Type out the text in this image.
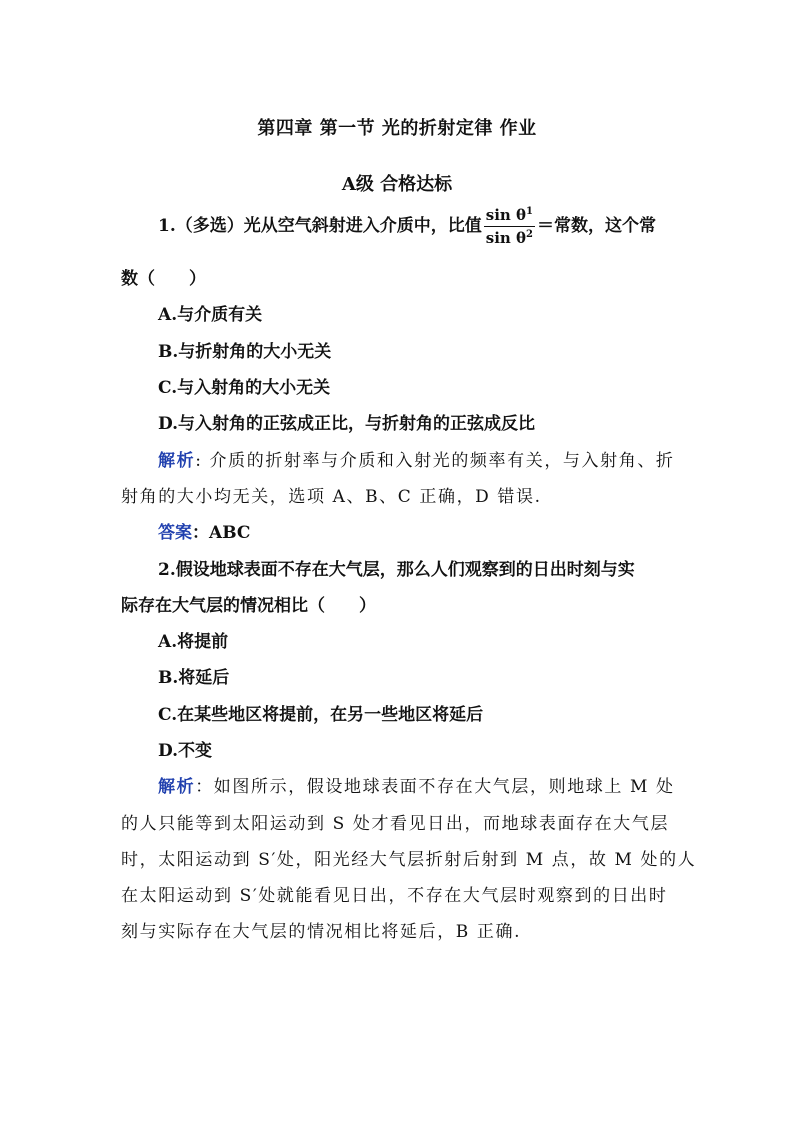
第四章 第一节 光的折射定律 作业
A级 合格达标
1.（多选）光从空气斜射进入介质中，比值 $\frac{\sin \theta^1}{\sin \theta^2}$ ＝常数，这个常
数（　　）
A.与介质有关
B.与折射角的大小无关
C.与入射角的大小无关
D.与入射角的正弦成正比，与折射角的正弦成反比
解析: 介质的折射率与介质和入射光的频率有关，与入射角、折
射角的大小均无关，选项 A、B、C 正确，D 错误.
答案：ABC
2.假设地球表面不存在大气层，那么人们观察到的日出时刻与实
际存在大气层的情况相比（　　）
A.将提前
B.将延后
C.在某些地区将提前，在另一些地区将延后
D.不变
解析：如图所示，假设地球表面不存在大气层，则地球上 M 处
的人只能等到太阳运动到 S 处才看见日出，而地球表面存在大气层
时，太阳运动到 S′处，阳光经大气层折射后射到 M 点，故 M 处的人
在太阳运动到 S′处就能看见日出，不存在大气层时观察到的日出时
刻与实际存在大气层的情况相比将延后，B 正确.
